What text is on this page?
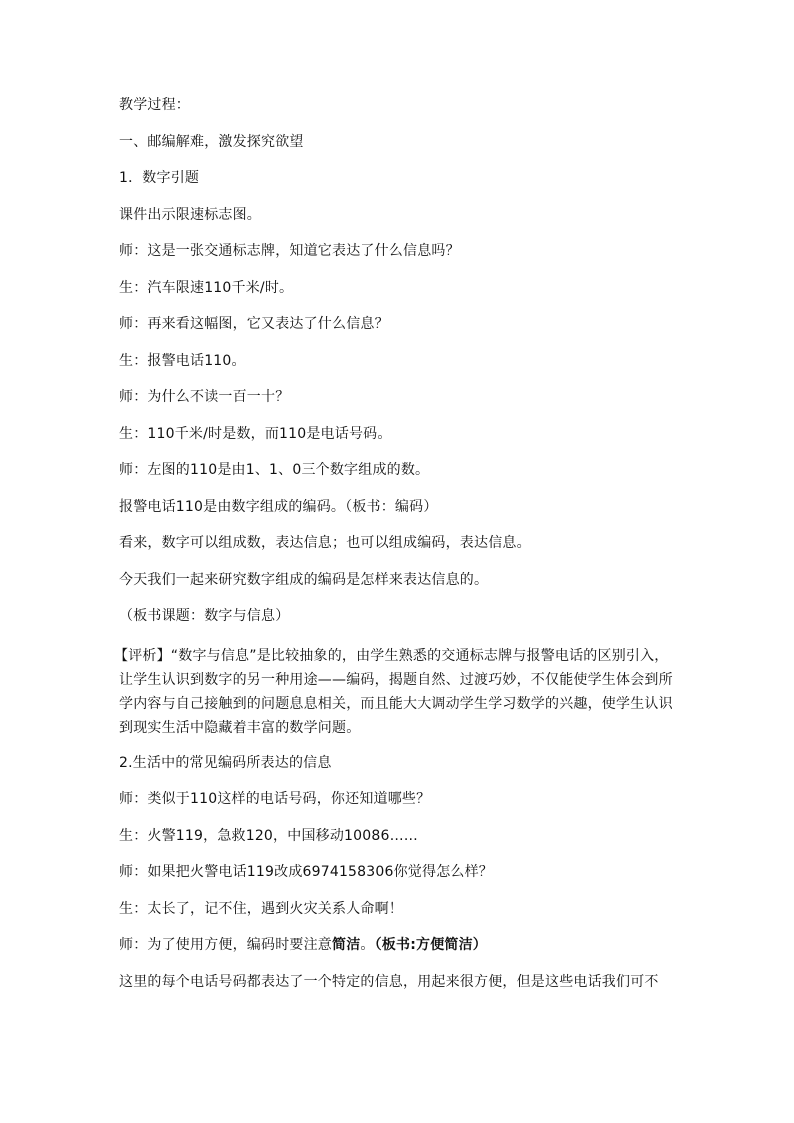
教学过程：

一、邮编解难，激发探究欲望

1．数字引题

课件出示限速标志图。

师：这是一张交通标志牌，知道它表达了什么信息吗？

生：汽车限速110千米/时。

师：再来看这幅图，它又表达了什么信息？

生：报警电话110。

师：为什么不读一百一十？

生：110千米/时是数，而110是电话号码。

师：左图的110是由1、1、0三个数字组成的数。

报警电话110是由数字组成的编码。（板书：编码）

看来，数字可以组成数，表达信息；也可以组成编码，表达信息。

今天我们一起来研究数字组成的编码是怎样来表达信息的。

（板书课题：数字与信息）

【评析】“数字与信息”是比较抽象的，由学生熟悉的交通标志牌与报警电话的区别引入，让学生认识到数字的另一种用途——编码，揭题自然、过渡巧妙，不仅能使学生体会到所学内容与自己接触到的问题息息相关，而且能大大调动学生学习数学的兴趣，使学生认识到现实生活中隐藏着丰富的数学问题。

2.生活中的常见编码所表达的信息

师：类似于110这样的电话号码，你还知道哪些？

生：火警119，急救120，中国移动10086……

师：如果把火警电话119改成6974158306你觉得怎么样？

生：太长了，记不住，遇到火灾关系人命啊！

师：为了使用方便，编码时要注意简洁。（板书:方便简洁）

这里的每个电话号码都表达了一个特定的信息，用起来很方便，但是这些电话我们可不
